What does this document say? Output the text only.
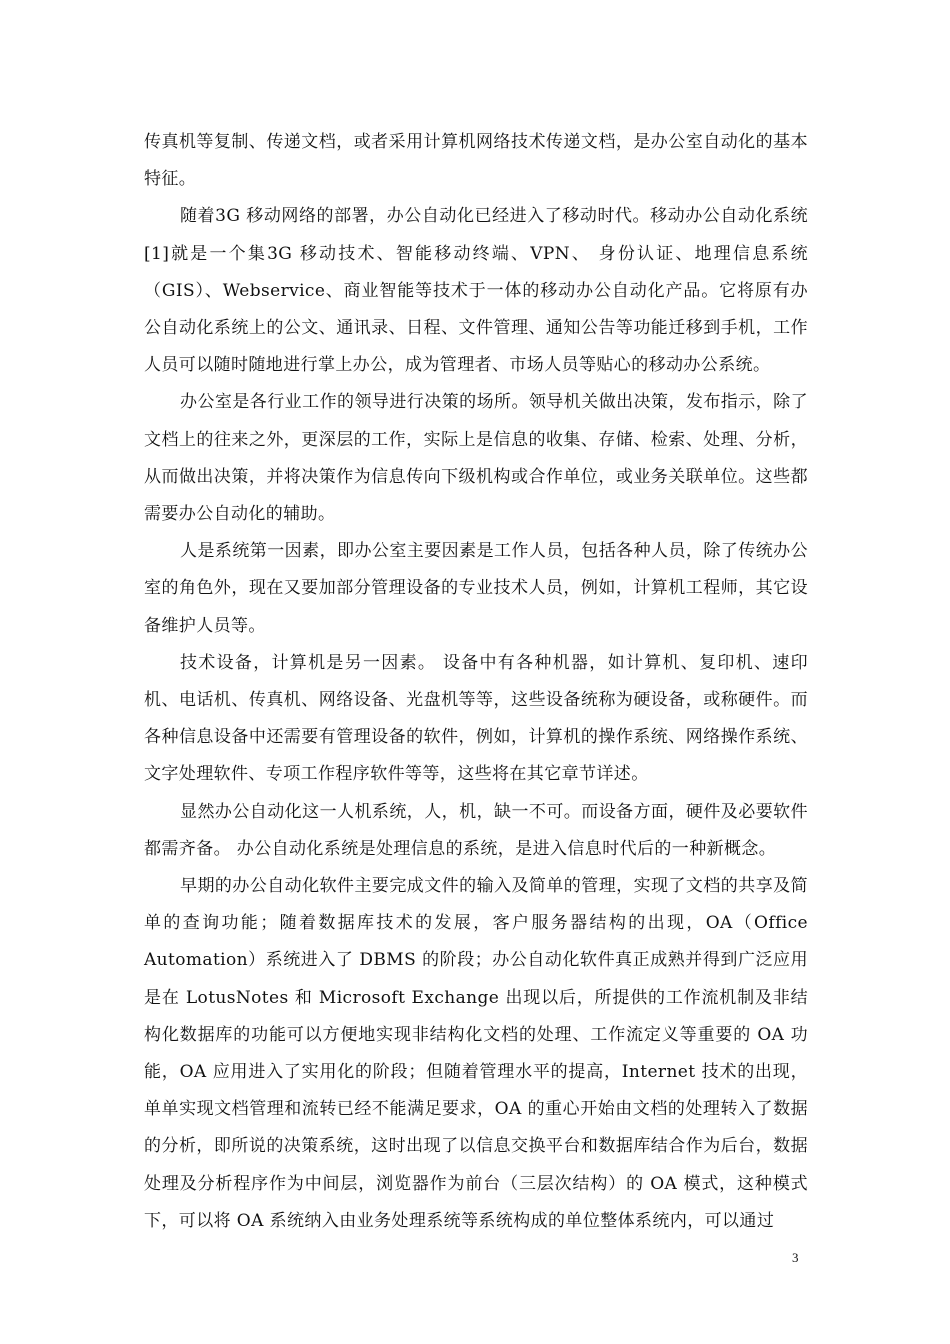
传真机等复制、传递文档，或者采用计算机网络技术传递文档，是办公室自动化的基本特征。

随着3G 移动网络的部署，办公自动化已经进入了移动时代。移动办公自动化系统[1]就是一个集3G 移动技术、智能移动终端、VPN、 身份认证、地理信息系统（GIS）、Webservice、商业智能等技术于一体的移动办公自动化产品。它将原有办公自动化系统上的公文、通讯录、日程、文件管理、通知公告等功能迁移到手机，工作人员可以随时随地进行掌上办公，成为管理者、市场人员等贴心的移动办公系统。

办公室是各行业工作的领导进行决策的场所。领导机关做出决策，发布指示，除了文档上的往来之外，更深层的工作，实际上是信息的收集、存储、检索、处理、分析，从而做出决策，并将决策作为信息传向下级机构或合作单位，或业务关联单位。这些都需要办公自动化的辅助。

人是系统第一因素，即办公室主要因素是工作人员，包括各种人员，除了传统办公室的角色外，现在又要加部分管理设备的专业技术人员，例如，计算机工程师，其它设备维护人员等。

技术设备，计算机是另一因素。 设备中有各种机器，如计算机、复印机、速印机、电话机、传真机、网络设备、光盘机等等，这些设备统称为硬设备，或称硬件。而各种信息设备中还需要有管理设备的软件，例如，计算机的操作系统、网络操作系统、文字处理软件、专项工作程序软件等等，这些将在其它章节详述。

显然办公自动化这一人机系统，人，机，缺一不可。而设备方面，硬件及必要软件都需齐备。 办公自动化系统是处理信息的系统，是进入信息时代后的一种新概念。

早期的办公自动化软件主要完成文件的输入及简单的管理，实现了文档的共享及简单的查询功能；随着数据库技术的发展，客户服务器结构的出现，OA（Office Automation）系统进入了 DBMS 的阶段；办公自动化软件真正成熟并得到广泛应用是在 LotusNotes 和 Microsoft Exchange 出现以后，所提供的工作流机制及非结构化数据库的功能可以方便地实现非结构化文档的处理、工作流定义等重要的 OA 功能，OA 应用进入了实用化的阶段；但随着管理水平的提高，Internet 技术的出现，单单实现文档管理和流转已经不能满足要求，OA 的重心开始由文档的处理转入了数据的分析，即所说的决策系统，这时出现了以信息交换平台和数据库结合作为后台，数据处理及分析程序作为中间层，浏览器作为前台（三层次结构）的 OA 模式，这种模式下，可以将 OA 系统纳入由业务处理系统等系统构成的单位整体系统内，可以通过

3
